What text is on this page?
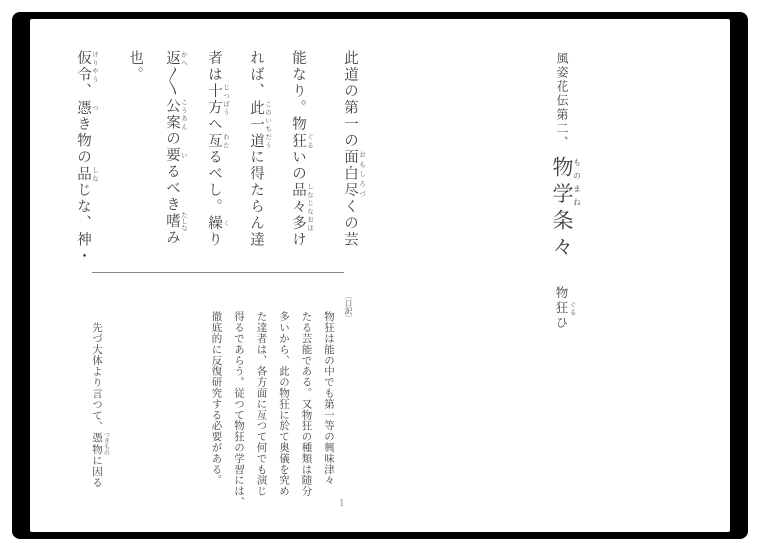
風姿花伝第二、
物学ものまね条々
物狂 ぐるひ
此道の第一の面白尽 おもしろづくの芸
能なり。物狂 ぐるいの品々 しなじな多 おほけ
れば、此一道 このいちだうに得たらん達
者は十方 じつぱうへ亙 わたるべし。繰 くり
返 かへ〱公案 こうあんの要 いるべき嗜 たしなみ
也。
仮令 けりやう、憑 つき物の品 しなじな、神・
〔口訳〕
物狂は能の中でも第一等の興味津々
たる芸能である。又物狂の種類は随分
多いから、此の物狂に於て奥儀を究め
た達者は、各方面に亙つて何でも演じ
得るであらう。従つて物狂の学習には、
徹底的に反復研究する必要がある。
先づ大体より言つて、憑物 つきものに因る
1
